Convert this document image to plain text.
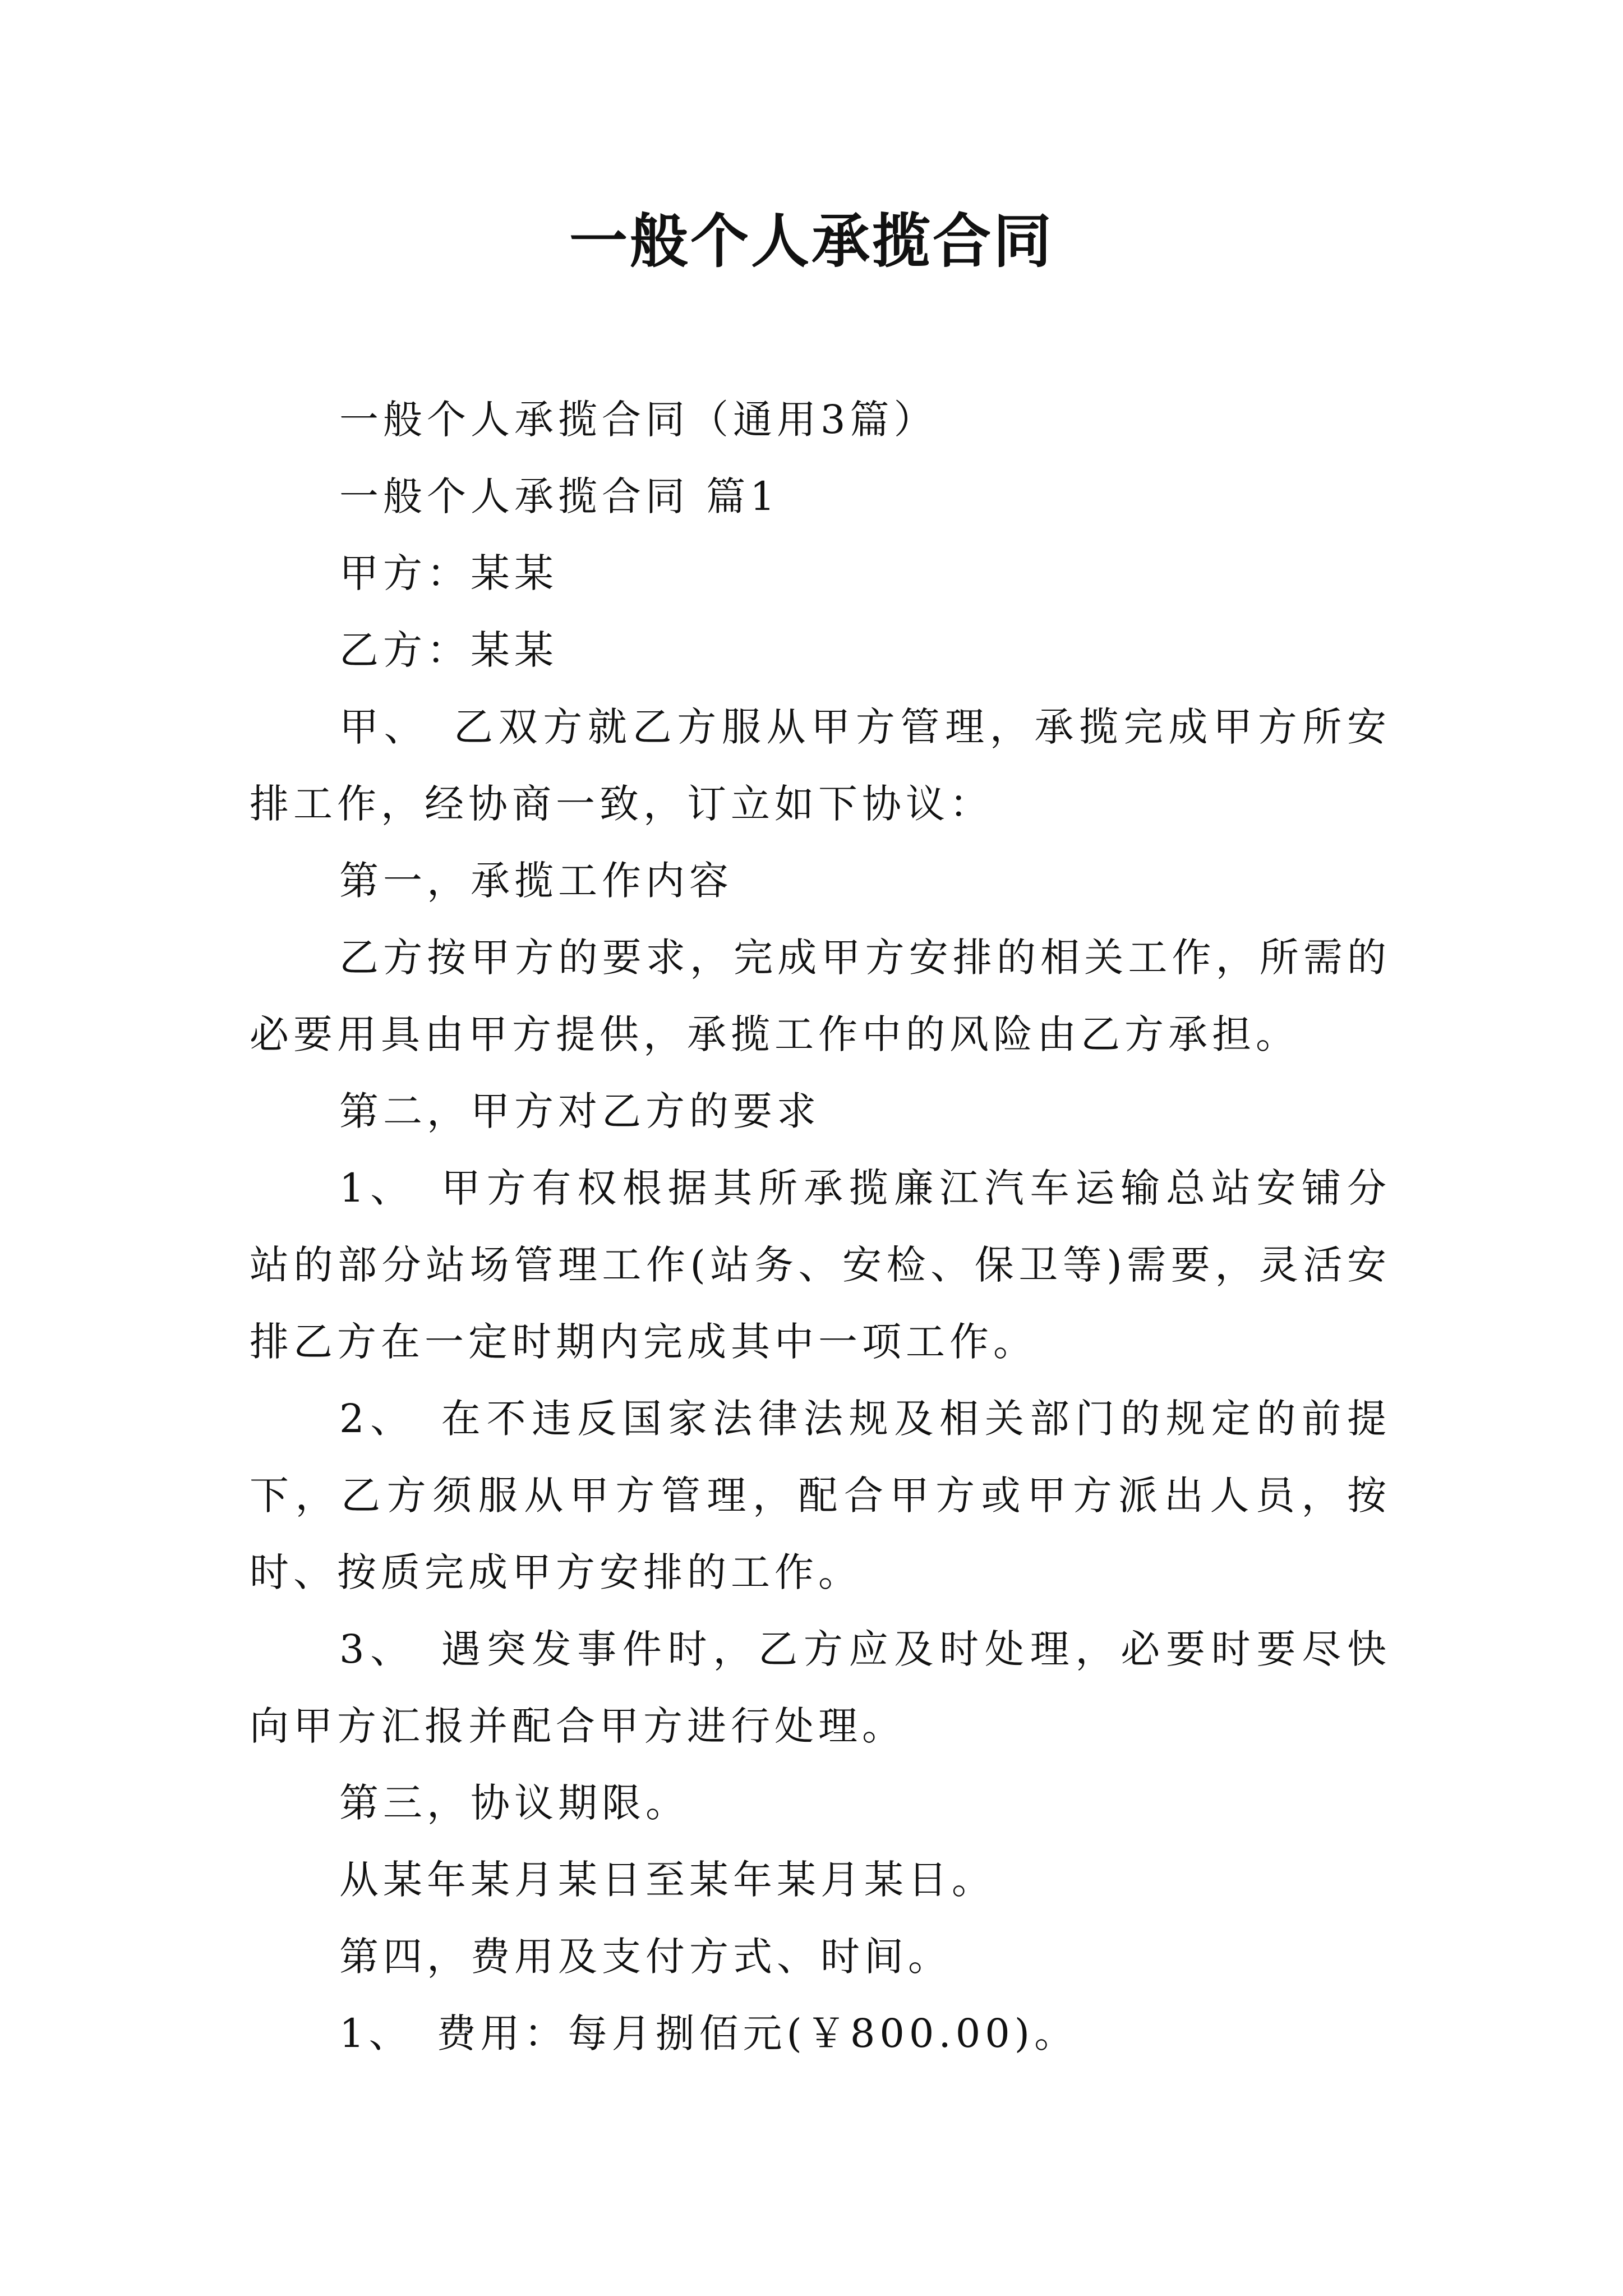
一般个人承揽合同

一般个人承揽合同（通用3篇）

一般个人承揽合同 篇1

甲方：某某

乙方：某某

甲、　乙双方就乙方服从甲方管理，承揽完成甲方所安排工作，经协商一致，订立如下协议：

第一，承揽工作内容

乙方按甲方的要求，完成甲方安排的相关工作，所需的必要用具由甲方提供，承揽工作中的风险由乙方承担。

第二，甲方对乙方的要求

1、　甲方有权根据其所承揽廉江汽车运输总站安铺分站的部分站场管理工作(站务、安检、保卫等)需要，灵活安排乙方在一定时期内完成其中一项工作。

2、　在不违反国家法律法规及相关部门的规定的前提下，乙方须服从甲方管理，配合甲方或甲方派出人员，按时、按质完成甲方安排的工作。

3、　遇突发事件时，乙方应及时处理，必要时要尽快向甲方汇报并配合甲方进行处理。

第三，协议期限。

从某年某月某日至某年某月某日。

第四，费用及支付方式、时间。

1、　费用：每月捌佰元(￥800.00)。
